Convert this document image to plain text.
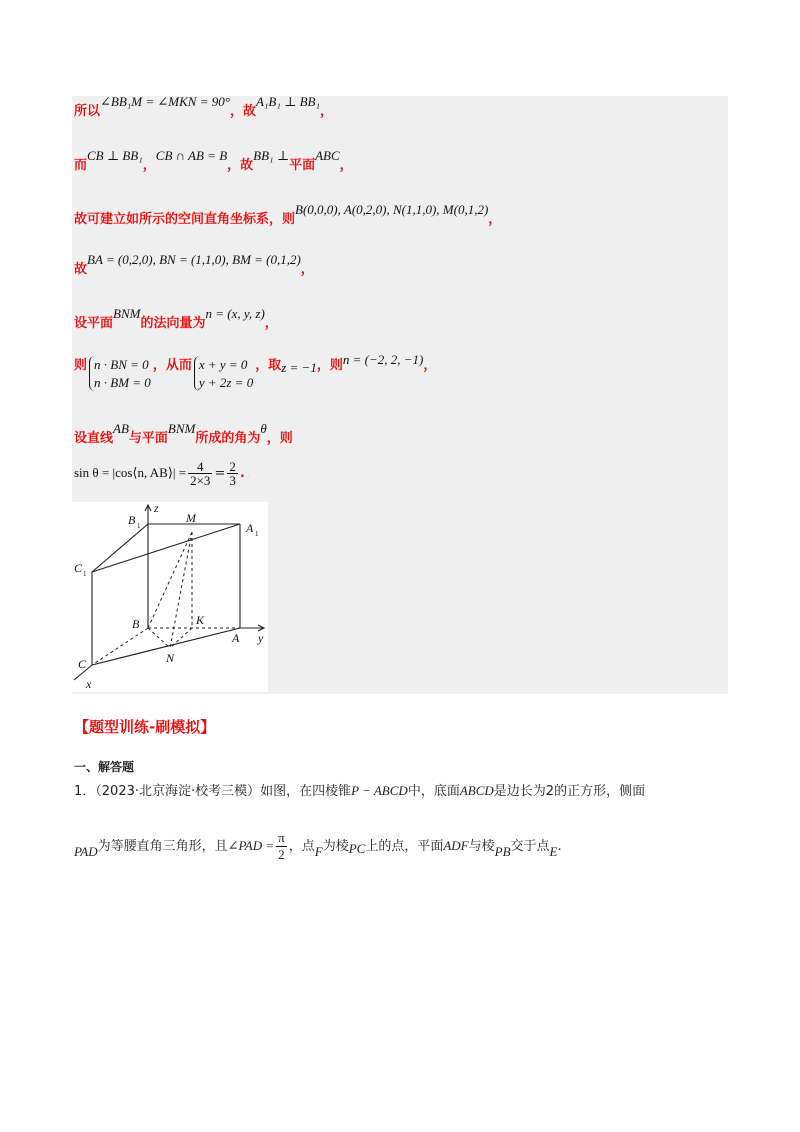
所以∠BB₁M = ∠MKN = 90°，故A₁B₁ ⊥ BB₁，
而CB ⊥ BB₁，CB ∩ AB = B，故BB₁ ⊥平面ABC，
故可建立如所示的空间直角坐标系，则B(0,0,0), A(0,2,0), N(1,1,0), M(0,1,2)，
故BA = (0,2,0), BN = (1,1,0), BM = (0,1,2)，
设平面BNM的法向量为n = (x, y, z)，
则 n · BN = 0
n · BM = 0
，从而 x + y = 0
y + 2z = 0
，取z = −1，则n = (−2, 2, −1)，
设直线AB与平面BNM所成的角为θ，则
sin θ = |cos⟨n, AB⟩| = $\frac{4}{2\times 3} = \frac{2}{3}$ .
z
y
x
B 1
M
A 1
C 1
B	K
A
N
C
【题型训练-刷模拟】
一、解答题
1．（2023·北京海淀·校考三模）如图，在四棱锥P − ABCD中，底面ABCD是边长为2的正方形，侧面
PAD为等腰直角三角形，且∠PAD = $\frac{\pi}{2}$ ，点F为棱PC上的点，平面ADF与棱PB交于点E.
